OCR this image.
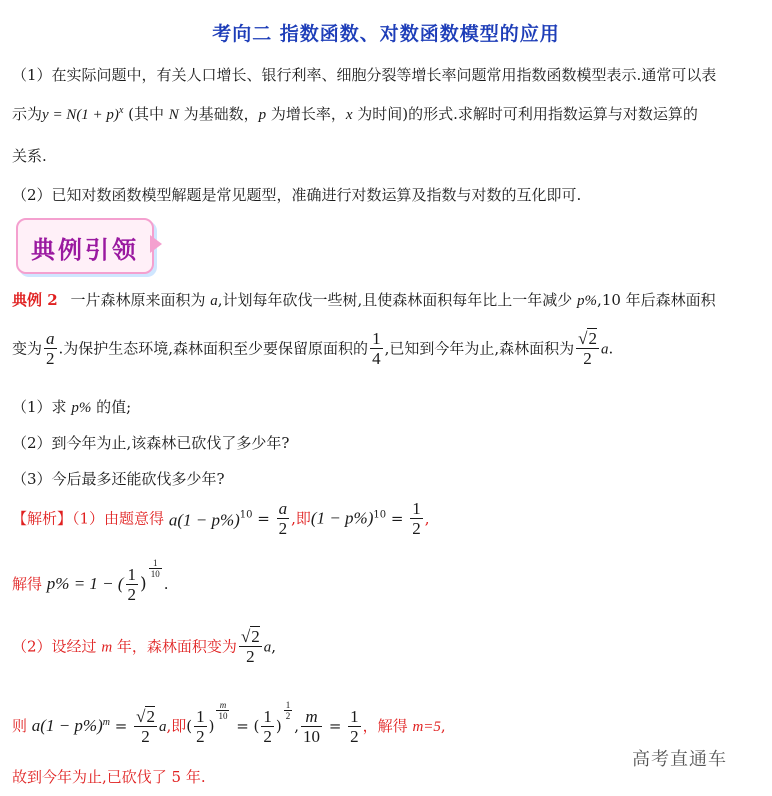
考向二 指数函数、对数函数模型的应用
（1）在实际问题中，有关人口增长、银行利率、细胞分裂等增长率问题常用指数函数模型表示.通常可以表
示为$y = N(1 + p)^x$ (其中 N 为基础数，p 为增长率，x 为时间)的形式.求解时可利用指数运算与对数运算的
关系.
（2）已知对数函数模型解题是常见题型，准确进行对数运算及指数与对数的互化即可.
典例引领
典例 2 一片森林原来面积为 a,计划每年砍伐一些树,且使森林面积每年比上一年减少 p%,10 年后森林面积
变为 $\frac{a}{2}$ .为保护生态环境,森林面积至少要保留原面积的 $\frac{1}{4}$ ,已知到今年为止,森林面积为 $\frac{√2}{2} a$.
（1）求 p% 的值;
（2）到今年为止,该森林已砍伐了多少年?
（3）今后最多还能砍伐多少年?
【解析】（1）由题意得 $a(1 - p\%)^{10} = \frac{a}{2}$ ,即$(1 - p\%)^{10} = \frac{1}{2}$ ,
解得 p% = 1 − ( $\frac{1}{2}$ )
$\frac{1}{10}$
.
（2）设经过 m 年，森林面积变为 $\frac{√2}{2} a$,
则 $a(1 - p\%)^m = \frac{√2}{2} a$,即( $\frac{1}{2}$ )
$\frac{m}{10}$
= ( $\frac{1}{2}$ )
$\frac{1}{2}$
, $\frac{m}{10} = \frac{1}{2}$ ，解得 m=5,
故到今年为止,已砍伐了 5 年.
高考直通车
